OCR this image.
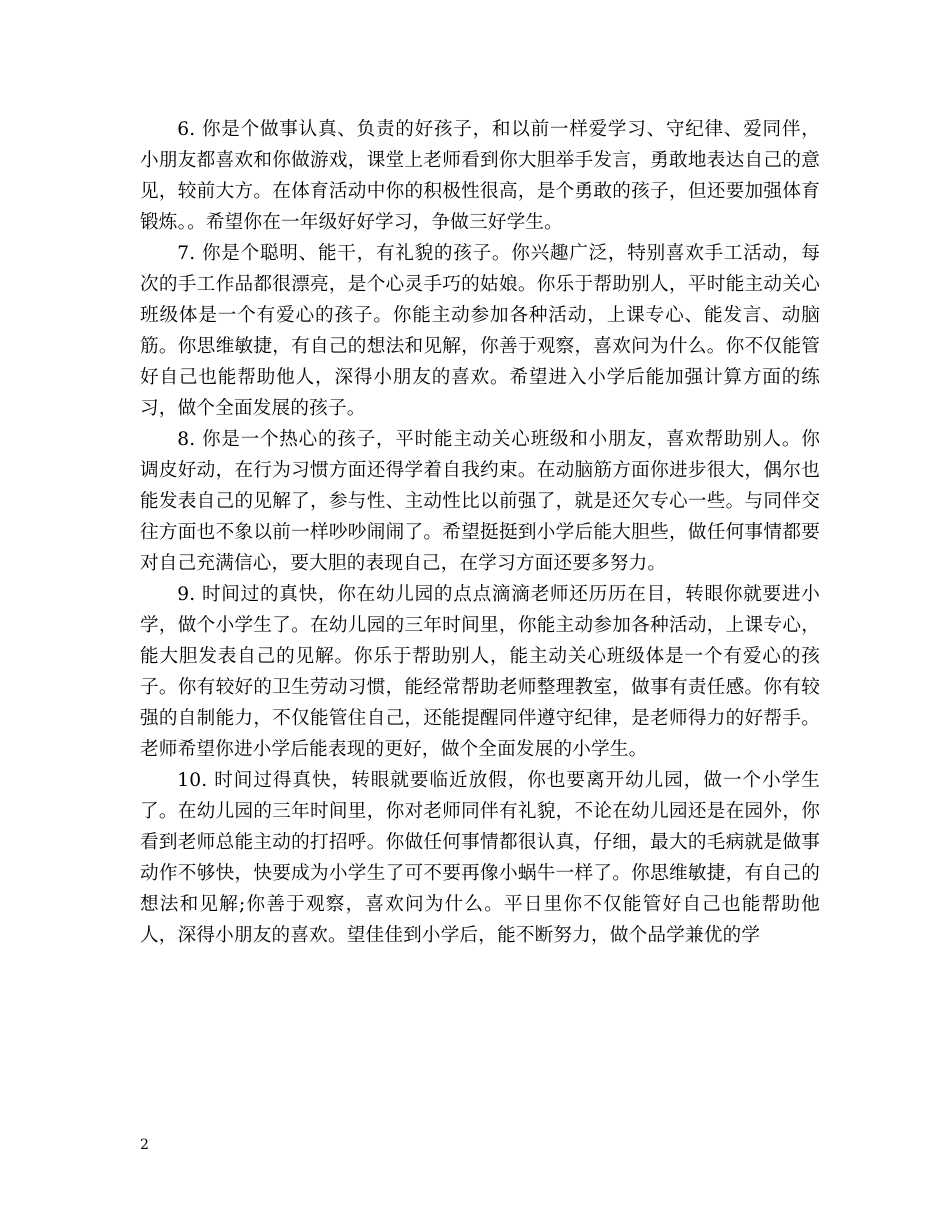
6. 你是个做事认真、负责的好孩子，和以前一样爱学习、守纪律、爱同伴，小朋友都喜欢和你做游戏，课堂上老师看到你大胆举手发言，勇敢地表达自己的意见，较前大方。在体育活动中你的积极性很高，是个勇敢的孩子，但还要加强体育锻炼。。希望你在一年级好好学习，争做三好学生。

7. 你是个聪明、能干，有礼貌的孩子。你兴趣广泛，特别喜欢手工活动，每次的手工作品都很漂亮，是个心灵手巧的姑娘。你乐于帮助别人，平时能主动关心班级体是一个有爱心的孩子。你能主动参加各种活动，上课专心、能发言、动脑筋。你思维敏捷，有自己的想法和见解，你善于观察，喜欢问为什么。你不仅能管好自己也能帮助他人，深得小朋友的喜欢。希望进入小学后能加强计算方面的练习，做个全面发展的孩子。

8. 你是一个热心的孩子，平时能主动关心班级和小朋友，喜欢帮助别人。你调皮好动，在行为习惯方面还得学着自我约束。在动脑筋方面你进步很大，偶尔也能发表自己的见解了，参与性、主动性比以前强了，就是还欠专心一些。与同伴交往方面也不象以前一样吵吵闹闹了。希望挺挺到小学后能大胆些，做任何事情都要对自己充满信心，要大胆的表现自己，在学习方面还要多努力。

9. 时间过的真快，你在幼儿园的点点滴滴老师还历历在目，转眼你就要进小学，做个小学生了。在幼儿园的三年时间里，你能主动参加各种活动，上课专心，能大胆发表自己的见解。你乐于帮助别人，能主动关心班级体是一个有爱心的孩子。你有较好的卫生劳动习惯，能经常帮助老师整理教室，做事有责任感。你有较强的自制能力，不仅能管住自己，还能提醒同伴遵守纪律，是老师得力的好帮手。老师希望你进小学后能表现的更好，做个全面发展的小学生。

10. 时间过得真快，转眼就要临近放假，你也要离开幼儿园，做一个小学生了。在幼儿园的三年时间里，你对老师同伴有礼貌，不论在幼儿园还是在园外，你看到老师总能主动的打招呼。你做任何事情都很认真，仔细，最大的毛病就是做事动作不够快，快要成为小学生了可不要再像小蜗牛一样了。你思维敏捷，有自己的想法和见解;你善于观察，喜欢问为什么。平日里你不仅能管好自己也能帮助他人，深得小朋友的喜欢。望佳佳到小学后，能不断努力，做个品学兼优的学

2
